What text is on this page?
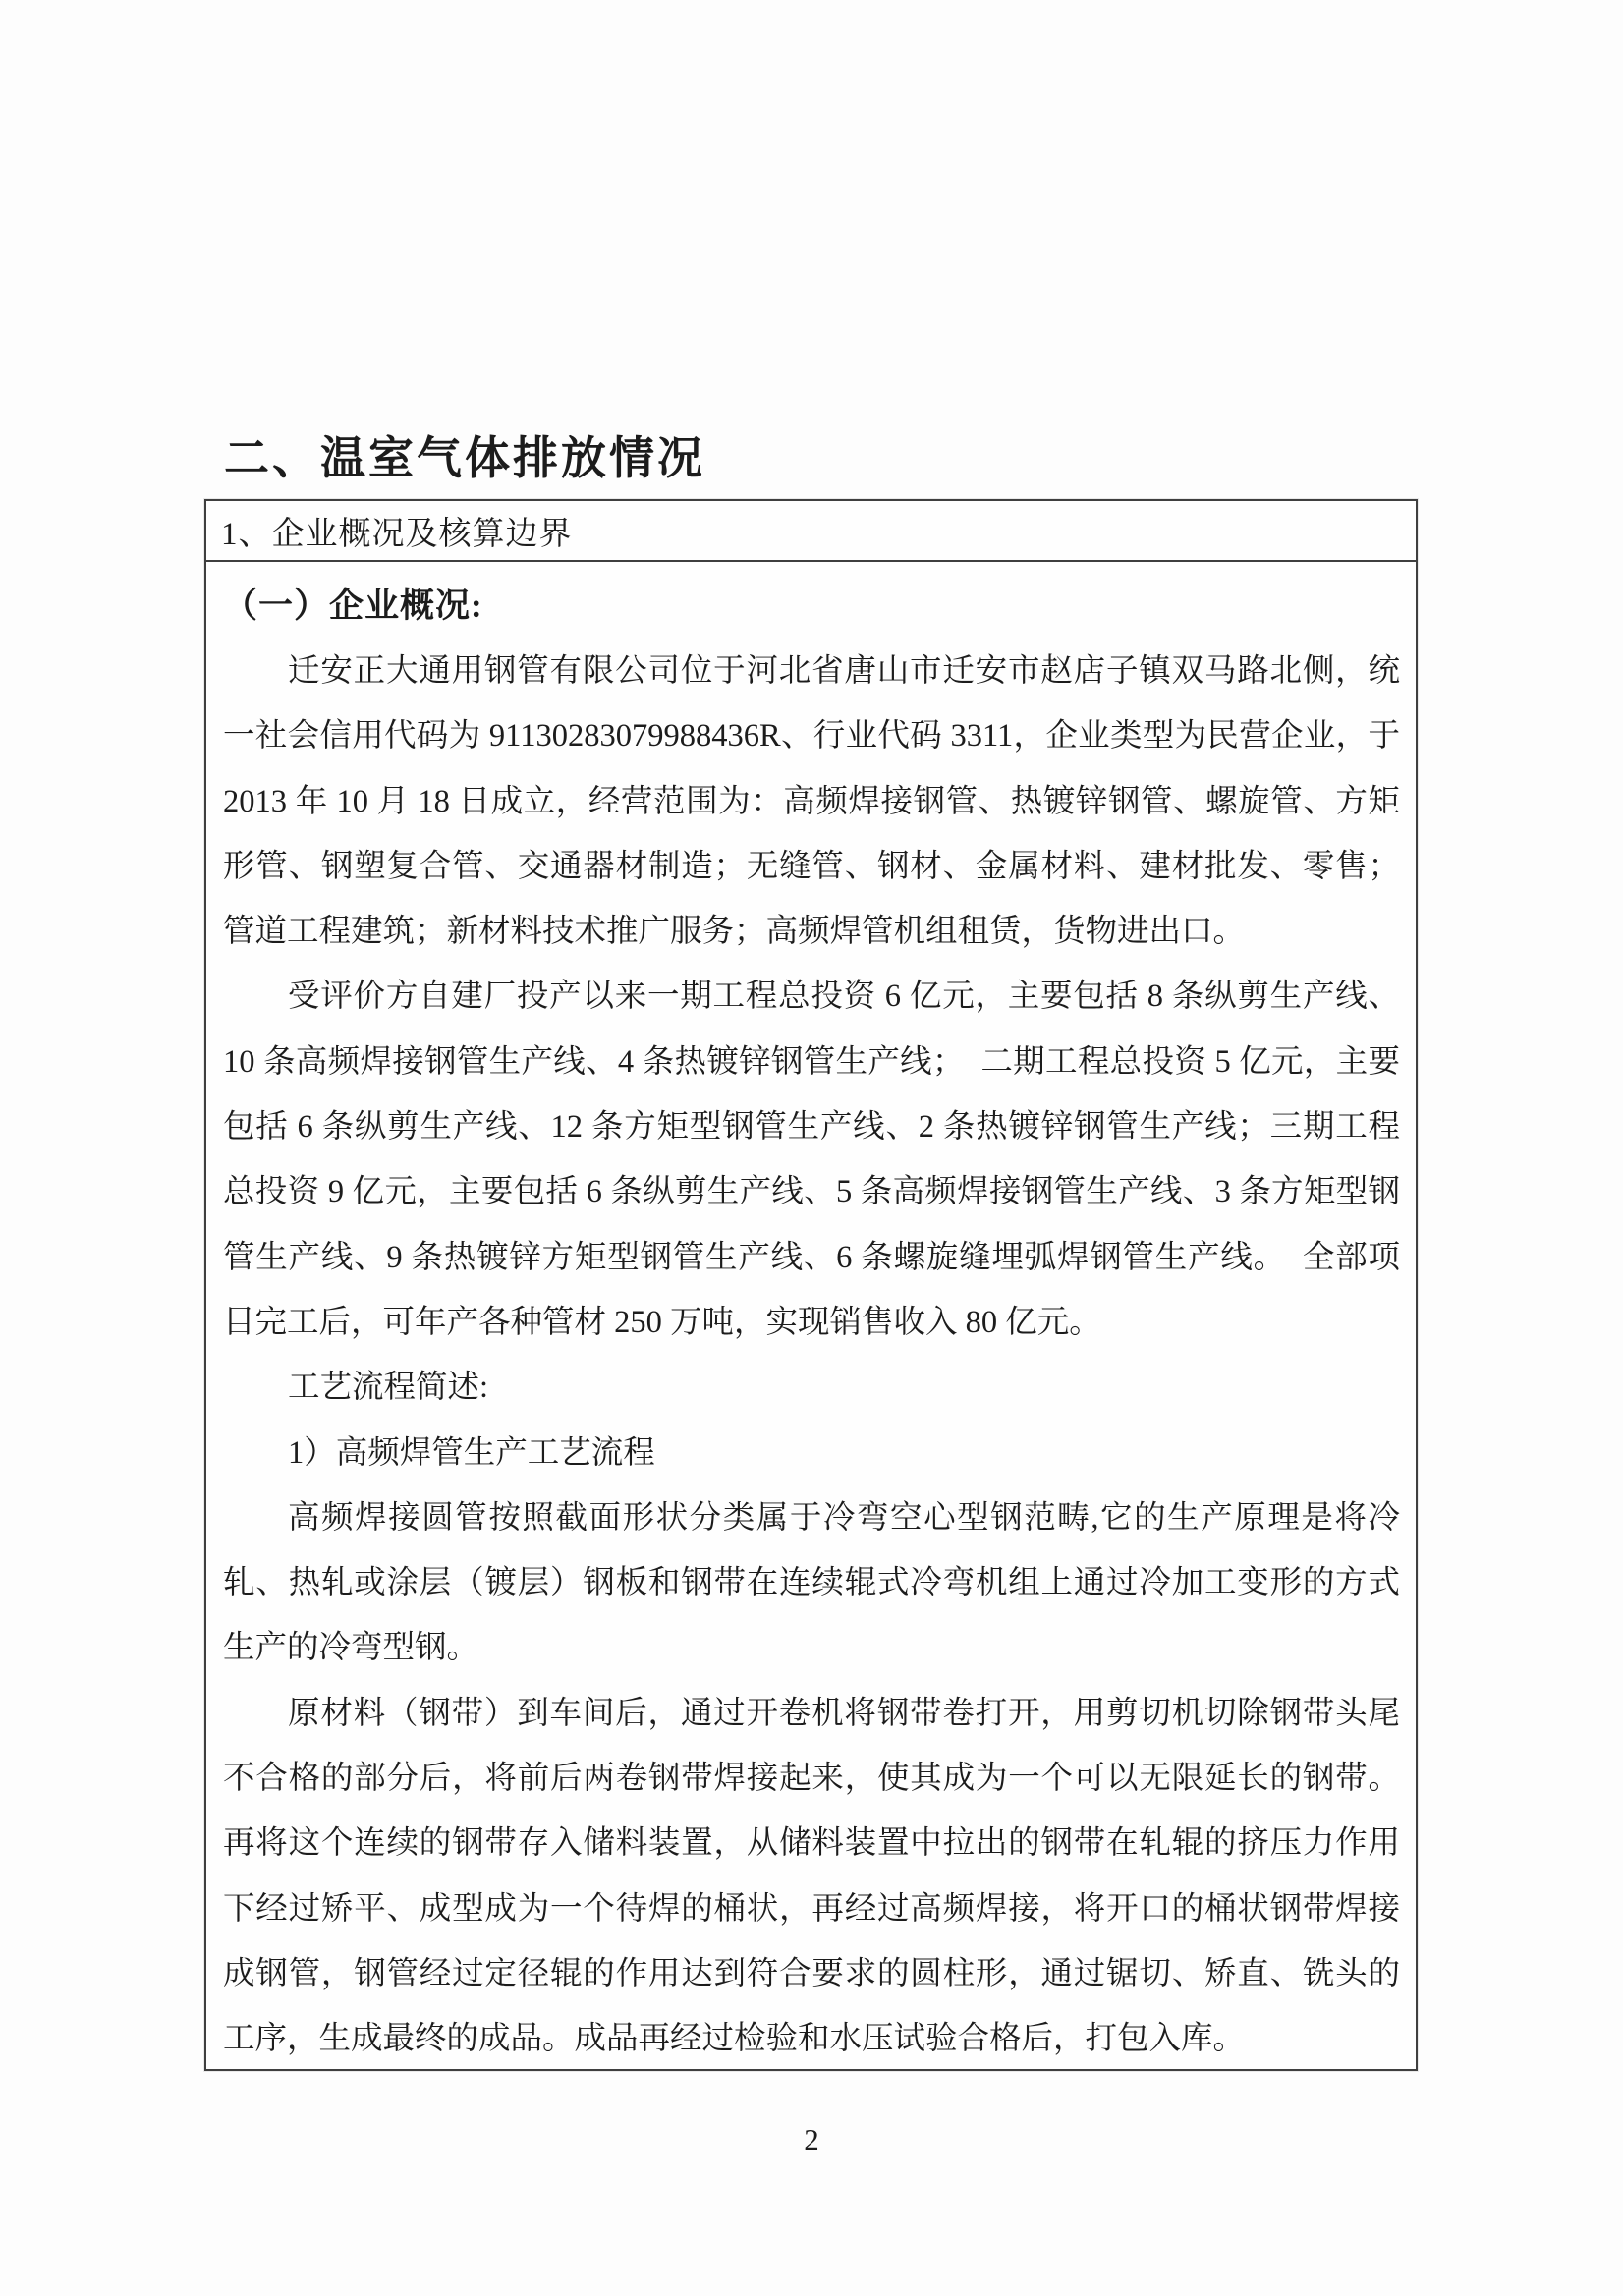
二、温室气体排放情况
1、企业概况及核算边界
（一）企业概况:
迁安正大通用钢管有限公司位于河北省唐山市迁安市赵店子镇双马路北侧，统
一社会信用代码为 91130283079988436R、行业代码 3311，企业类型为民营企业，于
2013 年 10 月 18 日成立，经营范围为：高频焊接钢管、热镀锌钢管、螺旋管、方矩
形管、钢塑复合管、交通器材制造；无缝管、钢材、金属材料、建材批发、零售；
管道工程建筑；新材料技术推广服务；高频焊管机组租赁，货物进出口。
受评价方自建厂投产以来一期工程总投资 6 亿元，主要包括 8 条纵剪生产线、
10 条高频焊接钢管生产线、4 条热镀锌钢管生产线；　二期工程总投资 5 亿元，主要
包括 6 条纵剪生产线、12 条方矩型钢管生产线、2 条热镀锌钢管生产线；三期工程
总投资 9 亿元，主要包括 6 条纵剪生产线、5 条高频焊接钢管生产线、3 条方矩型钢
管生产线、9 条热镀锌方矩型钢管生产线、6 条螺旋缝埋弧焊钢管生产线。　全部项
目完工后，可年产各种管材 250 万吨，实现销售收入 80 亿元。
工艺流程简述:
1）高频焊管生产工艺流程
高频焊接圆管按照截面形状分类属于冷弯空心型钢范畴,它的生产原理是将冷
轧、热轧或涂层（镀层）钢板和钢带在连续辊式冷弯机组上通过冷加工变形的方式
生产的冷弯型钢。
原材料（钢带）到车间后，通过开卷机将钢带卷打开，用剪切机切除钢带头尾
不合格的部分后，将前后两卷钢带焊接起来，使其成为一个可以无限延长的钢带。
再将这个连续的钢带存入储料装置，从储料装置中拉出的钢带在轧辊的挤压力作用
下经过矫平、成型成为一个待焊的桶状，再经过高频焊接，将开口的桶状钢带焊接
成钢管，钢管经过定径辊的作用达到符合要求的圆柱形，通过锯切、矫直、铣头的
工序，生成最终的成品。成品再经过检验和水压试验合格后，打包入库。
2
